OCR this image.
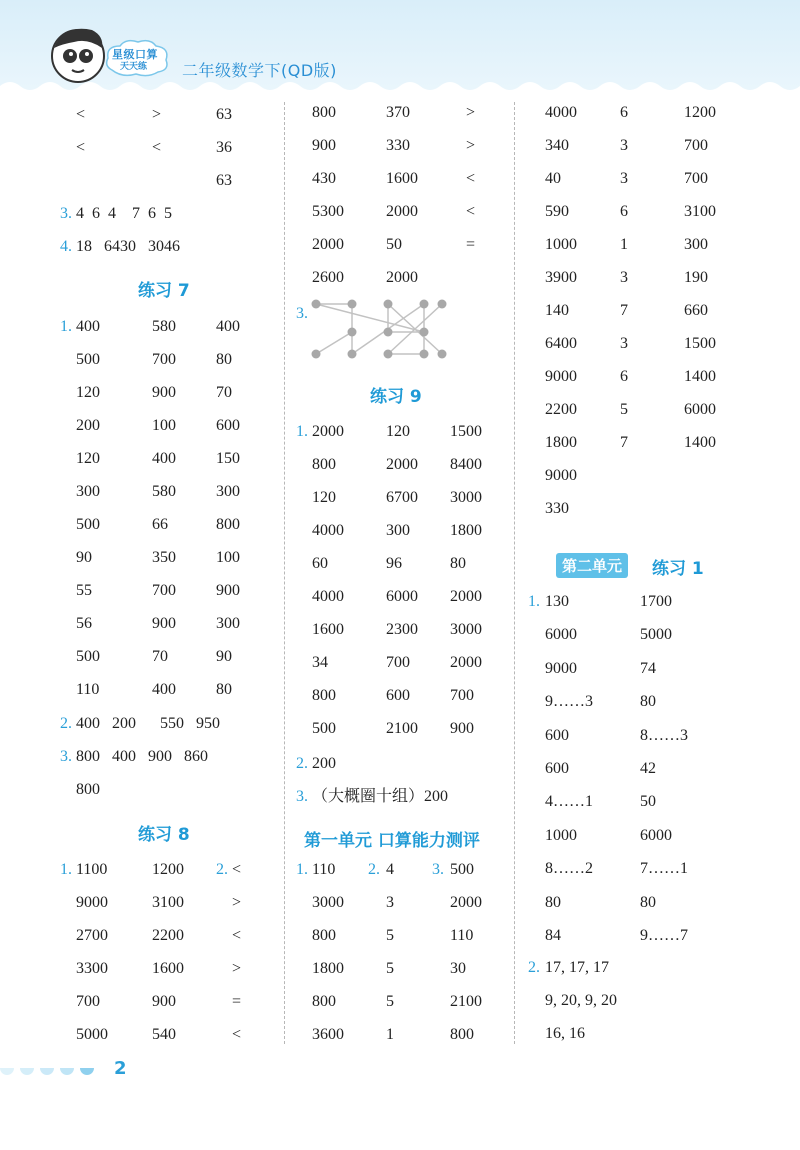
星级口算
天天练 二年级数学下(QD版)
<	>	63
<	<	36
63
3. 4  6  4    7  6  5
4. 18   6430   3046
练习 7
1. 400	580	400
500	700	80
120	900	70
200	100	600
120	400	150
300	580	300
500	66	800
90	350	100
55	700	900
56	900	300
500	70	90
110	400	80
2. 400   200      550   950
3. 800   400   900   860
800
练习 8
1.	2.
1100	1200	<
9000	3100	>
2700	2200	<
3300	1600	>
700	900	=
5000	540	<
800	370	>
900	330	>
430	1600	<
5300	2000	<
2000	50	=
2600	2000
3.
练习 9
1. 2000	120	1500
800	2000 8400
120	6700 3000
4000	300	1800
60	96	80
4000	6000 2000
1600	2300 3000
34	700	2000
800	600	700
500	2100 900
2. 200
3. （大概圈十组）200
第一单元 口算能力测评
1.	2.	3.
110	4	500
3000	3	2000
800	5	110
1800	5	30
800	5	2100
3600	1	800
4000	6	1200
340	3	700
40	3	700
590	6	3100
1000	1	300
3900	3	190
140	7	660
6400	3	1500
9000	6	1400
2200	5	6000
1800	7	1400
9000
330
第二单元	练习 1
1. 130	1700
6000	5000
9000	74
9……3	80
600	8……3
600	42
4……1	50
1000	6000
8……2	7……1
80	80
84	9……7
2. 17, 17, 17
9, 20, 9, 20
16, 16
2
